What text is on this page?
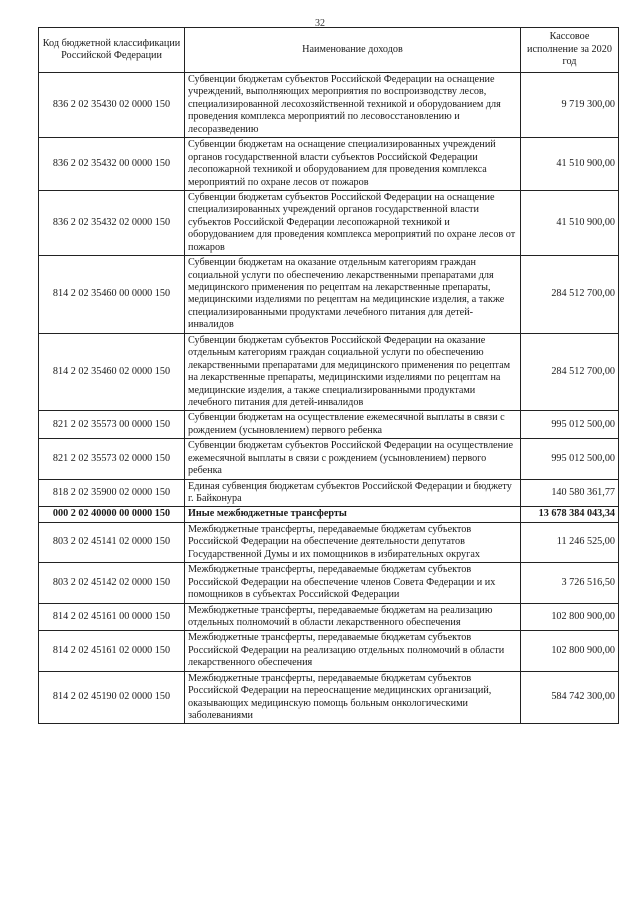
32
Код бюджетной классификации Российской Федерации	Наименование доходов	Кассовое исполнение за 2020 год
836 2 02 35430 02 0000 150	Субвенции бюджетам субъектов Российской Федерации на оснащение учреждений, выполняющих мероприятия по воспроизводству лесов, специализированной лесохозяйственной техникой и оборудованием для проведения комплекса мероприятий по лесовосстановлению и лесоразведению	9 719 300,00
836 2 02 35432 00 0000 150	Субвенции бюджетам на оснащение специализированных учреждений органов государственной власти субъектов Российской Федерации лесопожарной техникой и оборудованием для проведения комплекса мероприятий по охране лесов от пожаров	41 510 900,00
836 2 02 35432 02 0000 150	Субвенции бюджетам субъектов Российской Федерации на оснащение специализированных учреждений органов государственной власти субъектов Российской Федерации лесопожарной техникой и оборудованием для проведения комплекса мероприятий по охране лесов от пожаров	41 510 900,00
814 2 02 35460 00 0000 150	Субвенции бюджетам на оказание отдельным категориям граждан социальной услуги по обеспечению лекарственными препаратами для медицинского применения по рецептам на лекарственные препараты, медицинскими изделиями по рецептам на медицинские изделия, а также специализированными продуктами лечебного питания для детей-инвалидов	284 512 700,00
814 2 02 35460 02 0000 150	Субвенции бюджетам субъектов Российской Федерации на оказание отдельным категориям граждан социальной услуги по обеспечению лекарственными препаратами для медицинского применения по рецептам на лекарственные препараты, медицинскими изделиями по рецептам на медицинские изделия, а также специализированными продуктами лечебного питания для детей-инвалидов	284 512 700,00
821 2 02 35573 00 0000 150	Субвенции бюджетам на осуществление ежемесячной выплаты в связи с рождением (усыновлением) первого ребенка	995 012 500,00
821 2 02 35573 02 0000 150	Субвенции бюджетам субъектов Российской Федерации на осуществление ежемесячной выплаты в связи с рождением (усыновлением) первого ребенка	995 012 500,00
818 2 02 35900 02 0000 150	Единая субвенция бюджетам субъектов Российской Федерации и бюджету г. Байконура	140 580 361,77
000 2 02 40000 00 0000 150	Иные межбюджетные трансферты	13 678 384 043,34
803 2 02 45141 02 0000 150	Межбюджетные трансферты, передаваемые бюджетам субъектов Российской Федерации на обеспечение деятельности депутатов Государственной Думы и их помощников в избирательных округах	11 246 525,00
803 2 02 45142 02 0000 150	Межбюджетные трансферты, передаваемые бюджетам субъектов Российской Федерации на обеспечение членов Совета Федерации и их помощников в субъектах Российской Федерации	3 726 516,50
814 2 02 45161 00 0000 150	Межбюджетные трансферты, передаваемые бюджетам на реализацию отдельных полномочий в области лекарственного обеспечения	102 800 900,00
814 2 02 45161 02 0000 150	Межбюджетные трансферты, передаваемые бюджетам субъектов Российской Федерации на реализацию отдельных полномочий в области лекарственного обеспечения	102 800 900,00
814 2 02 45190 02 0000 150	Межбюджетные трансферты, передаваемые бюджетам субъектов Российской Федерации на переоснащение медицинских организаций, оказывающих медицинскую помощь больным онкологическими заболеваниями	584 742 300,00
